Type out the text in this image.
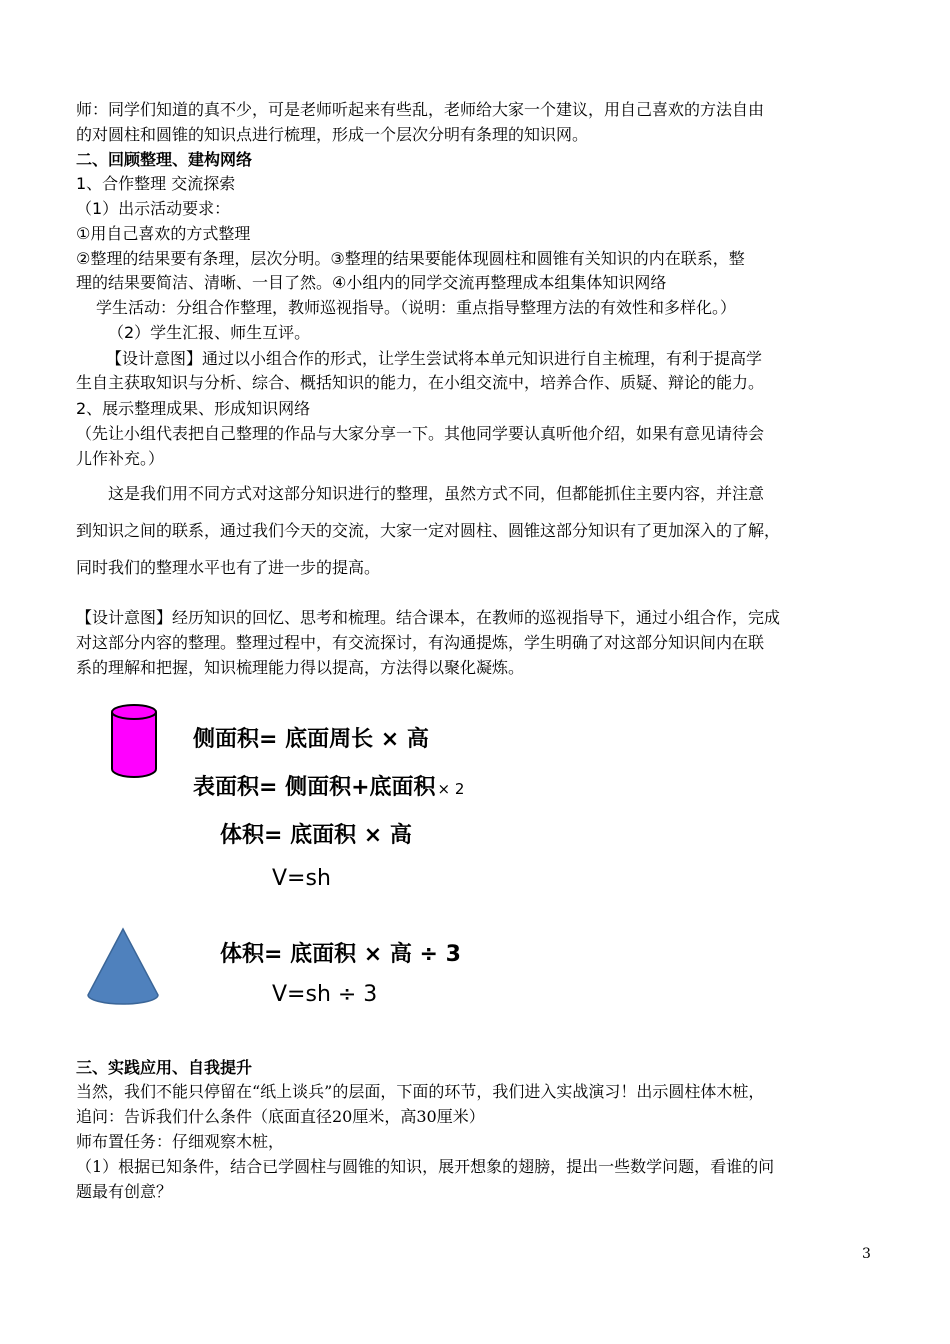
师：同学们知道的真不少，可是老师听起来有些乱，老师给大家一个建议，用自己喜欢的方法自由
的对圆柱和圆锥的知识点进行梳理，形成一个层次分明有条理的知识网。
二、回顾整理、建构网络
1、合作整理 交流探索
（1）出示活动要求：
①用自己喜欢的方式整理
②整理的结果要有条理，层次分明。③整理的结果要能体现圆柱和圆锥有关知识的内在联系，整
理的结果要简洁、清晰、一目了然。④小组内的同学交流再整理成本组集体知识网络
学生活动：分组合作整理，教师巡视指导。（说明：重点指导整理方法的有效性和多样化。）
（2）学生汇报、师生互评。
【设计意图】通过以小组合作的形式，让学生尝试将本单元知识进行自主梳理，有利于提高学
生自主获取知识与分析、综合、概括知识的能力，在小组交流中，培养合作、质疑、辩论的能力。
2、展示整理成果、形成知识网络
（先让小组代表把自己整理的作品与大家分享一下。其他同学要认真听他介绍，如果有意见请待会
儿作补充。）
这是我们用不同方式对这部分知识进行的整理，虽然方式不同，但都能抓住主要内容，并注意
到知识之间的联系，通过我们今天的交流，大家一定对圆柱、圆锥这部分知识有了更加深入的了解，
同时我们的整理水平也有了进一步的提高。
【设计意图】经历知识的回忆、思考和梳理。结合课本，在教师的巡视指导下，通过小组合作，完成
对这部分内容的整理。整理过程中，有交流探讨，有沟通提炼，学生明确了对这部分知识间内在联
系的理解和把握，知识梳理能力得以提高，方法得以聚化凝炼。
侧面积= 底面周长 × 高
表面积= 侧面积+底面积 × 2
体积= 底面积 × 高
V=sh
体积= 底面积 × 高 ÷ 3
V=sh ÷ 3
三、实践应用、自我提升
当然，我们不能只停留在“纸上谈兵”的层面，下面的环节，我们进入实战演习！出示圆柱体木桩，
追问：告诉我们什么条件（底面直径20厘米，高30厘米）
师布置任务：仔细观察木桩，
（1）根据已知条件，结合已学圆柱与圆锥的知识，展开想象的翅膀，提出一些数学问题，看谁的问
题最有创意？
3
